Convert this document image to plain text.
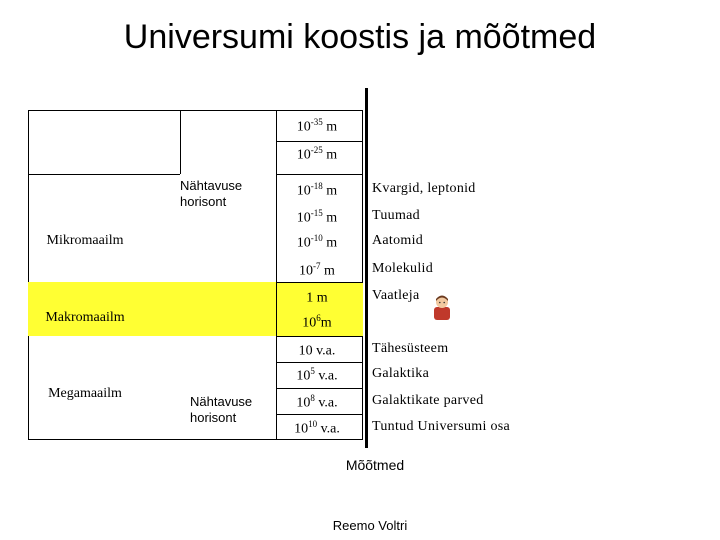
Universumi koostis ja mõõtmed
$10^{-35}$ m
$10^{-25}$ m
$10^{-18}$ m
$10^{-15}$ m
$10^{-10}$ m
$10^{-7}$ m
1 m
$10^6m$
10 v.a.
$10^5$ v.a.
$10^8$ v.a.
$10^{10}$ v.a.
Kvargid, leptonid
Tuumad
Aatomid
Molekulid
Vaatleja
Tähesüsteem
Galaktika
Galaktikate parved
Tuntud Universumi osa
Mikromaailm
Makromaailm
Megamaailm
Nähtavuse
horisont
Nähtavuse
horisont
Mõõtmed
Reemo Voltri
